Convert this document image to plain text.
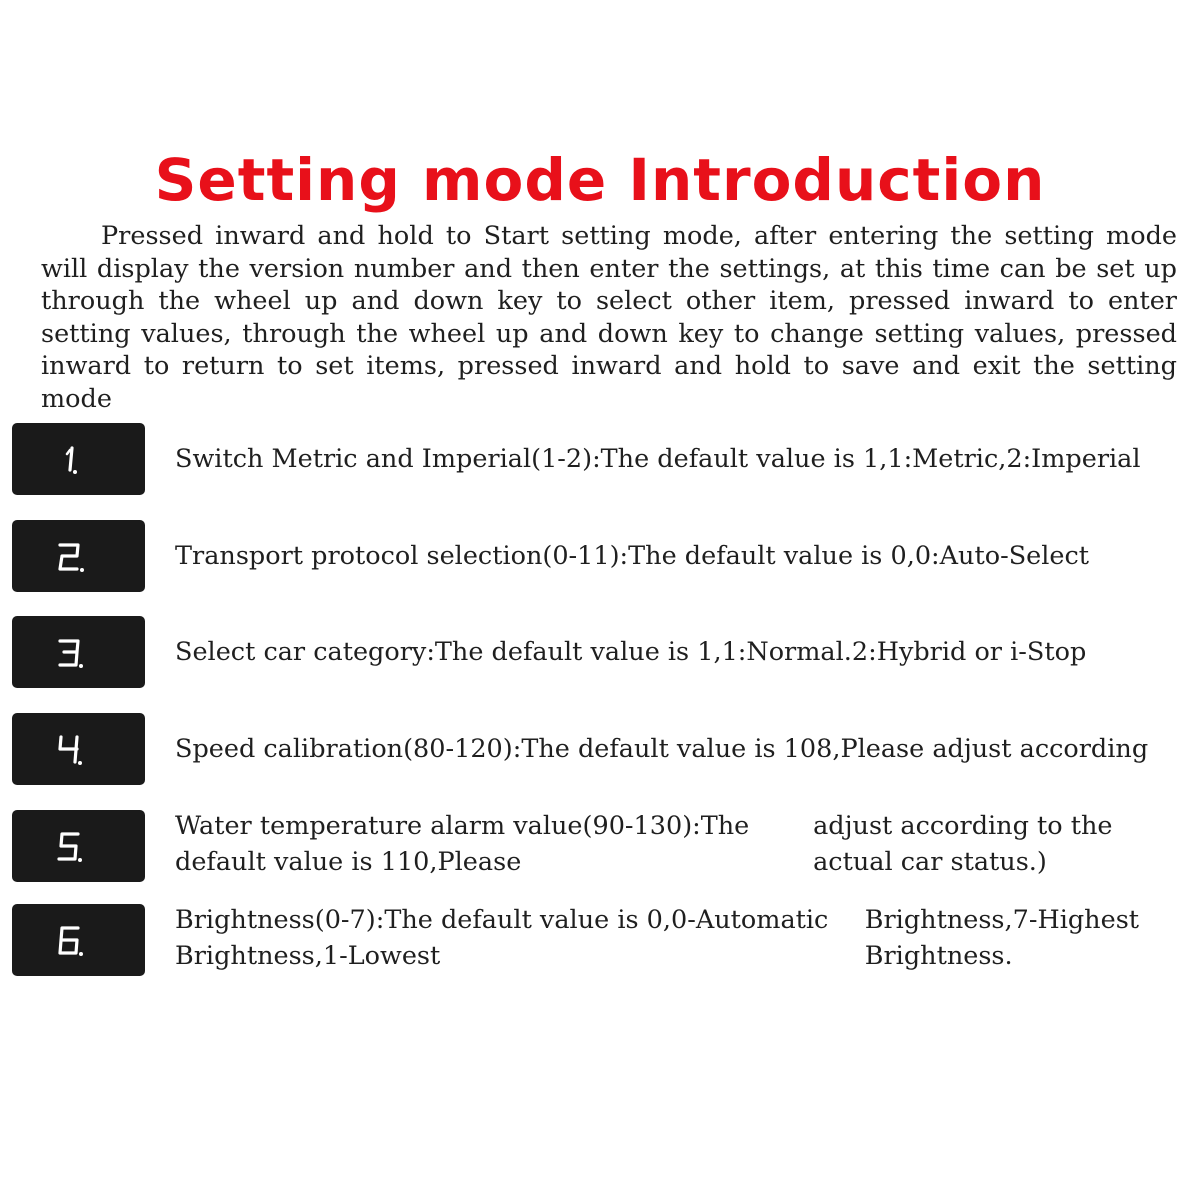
Setting mode Introduction

Pressed inward and hold to Start setting mode, after entering the setting mode will display the version number and then enter the settings, at this time can be set up through the wheel up and down key to select other item, pressed inward to enter setting values, through the wheel up and down key to change setting values, pressed inward to return to set items, pressed inward and hold to save and exit the setting mode

Switch Metric and Imperial(1-2):The default value is 1,1:Metric,2:Imperial
Transport protocol selection(0-11):The default value is 0,0:Auto-Select
Select car category:The default value is 1,1:Normal.2:Hybrid or i-Stop
Speed calibration(80-120):The default value is 108,Please adjust according
Water temperature alarm value(90-130):The default value is 110,Please
adjust according to the actual car status.)
Brightness(0-7):The default value is 0,0-Automatic Brightness,1-Lowest
Brightness,7-Highest Brightness.
